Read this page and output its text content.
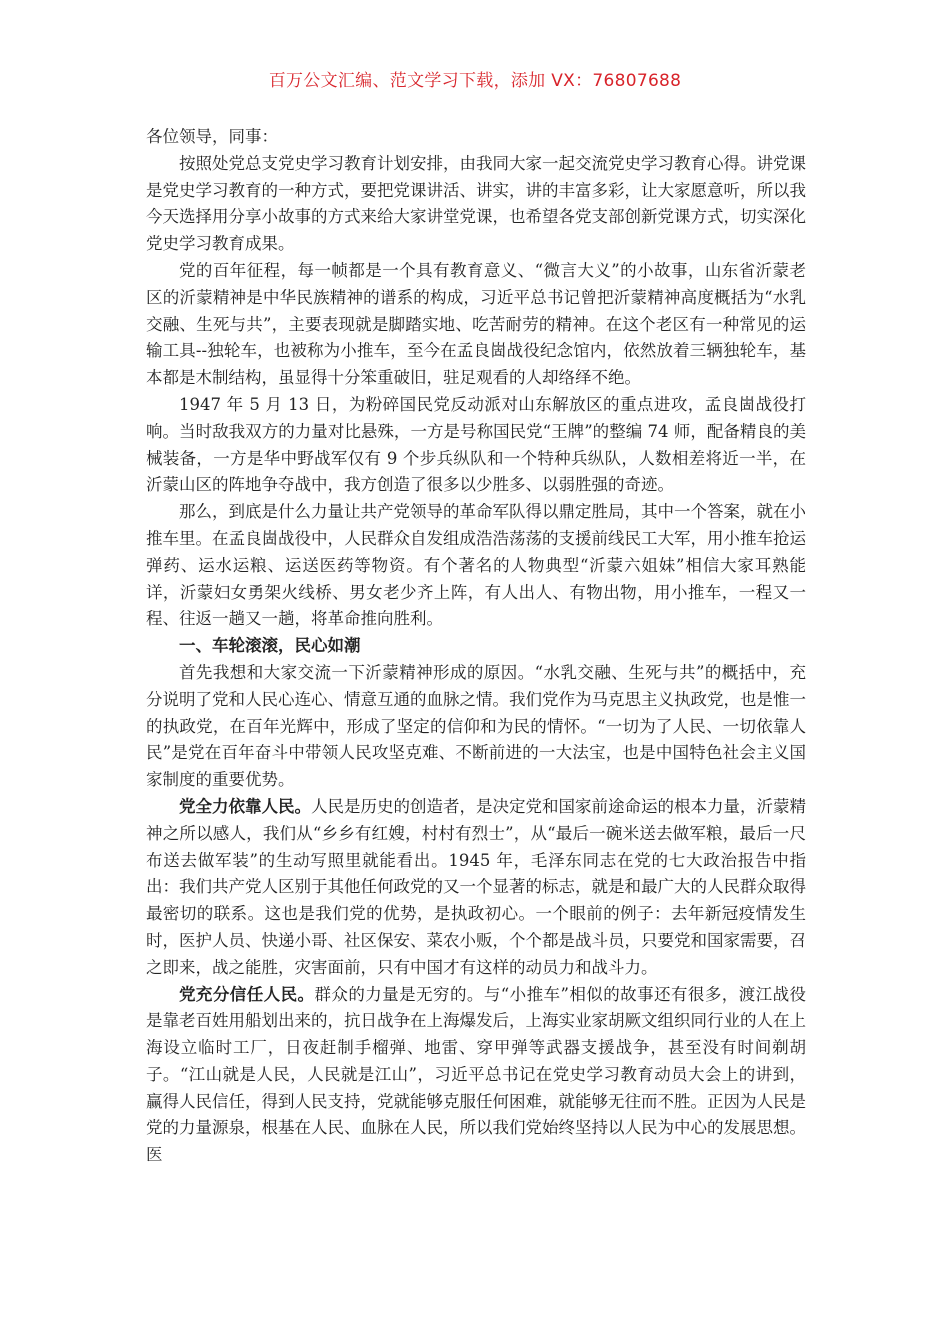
百万公文汇编、范文学习下载，添加 VX：76807688

各位领导，同事：

按照处党总支党史学习教育计划安排，由我同大家一起交流党史学习教育心得。讲党课是党史学习教育的一种方式，要把党课讲活、讲实，讲的丰富多彩，让大家愿意听，所以我今天选择用分享小故事的方式来给大家讲堂党课，也希望各党支部创新党课方式，切实深化党史学习教育成果。

党的百年征程，每一帧都是一个具有教育意义、“微言大义”的小故事，山东省沂蒙老区的沂蒙精神是中华民族精神的谱系的构成，习近平总书记曾把沂蒙精神高度概括为“水乳交融、生死与共”，主要表现就是脚踏实地、吃苦耐劳的精神。在这个老区有一种常见的运输工具--独轮车，也被称为小推车，至今在孟良崮战役纪念馆内，依然放着三辆独轮车，基本都是木制结构，虽显得十分笨重破旧，驻足观看的人却络绎不绝。

1947 年 5 月 13 日，为粉碎国民党反动派对山东解放区的重点进攻，孟良崮战役打响。当时敌我双方的力量对比悬殊，一方是号称国民党“王牌”的整编 74 师，配备精良的美械装备，一方是华中野战军仅有 9 个步兵纵队和一个特种兵纵队，人数相差将近一半，在沂蒙山区的阵地争夺战中，我方创造了很多以少胜多、以弱胜强的奇迹。

那么，到底是什么力量让共产党领导的革命军队得以鼎定胜局，其中一个答案，就在小推车里。在孟良崮战役中，人民群众自发组成浩浩荡荡的支援前线民工大军，用小推车抢运弹药、运水运粮、运送医药等物资。有个著名的人物典型“沂蒙六姐妹”相信大家耳熟能详，沂蒙妇女勇架火线桥、男女老少齐上阵，有人出人、有物出物，用小推车，一程又一程、往返一趟又一趟，将革命推向胜利。

一、车轮滚滚，民心如潮

首先我想和大家交流一下沂蒙精神形成的原因。“水乳交融、生死与共”的概括中，充分说明了党和人民心连心、情意互通的血脉之情。我们党作为马克思主义执政党，也是惟一的执政党，在百年光辉中，形成了坚定的信仰和为民的情怀。“一切为了人民、一切依靠人民”是党在百年奋斗中带领人民攻坚克难、不断前进的一大法宝，也是中国特色社会主义国家制度的重要优势。

党全力依靠人民。人民是历史的创造者，是决定党和国家前途命运的根本力量，沂蒙精神之所以感人，我们从“乡乡有红嫂，村村有烈士”，从“最后一碗米送去做军粮，最后一尺布送去做军装”的生动写照里就能看出。1945 年，毛泽东同志在党的七大政治报告中指出：我们共产党人区别于其他任何政党的又一个显著的标志，就是和最广大的人民群众取得最密切的联系。这也是我们党的优势，是执政初心。一个眼前的例子：去年新冠疫情发生时，医护人员、快递小哥、社区保安、菜农小贩，个个都是战斗员，只要党和国家需要，召之即来，战之能胜，灾害面前，只有中国才有这样的动员力和战斗力。

党充分信任人民。群众的力量是无穷的。与“小推车”相似的故事还有很多，渡江战役是靠老百姓用船划出来的，抗日战争在上海爆发后，上海实业家胡厥文组织同行业的人在上海设立临时工厂，日夜赶制手榴弹、地雷、穿甲弹等武器支援战争，甚至没有时间剃胡子。“江山就是人民，人民就是江山”，习近平总书记在党史学习教育动员大会上的讲到，赢得人民信任，得到人民支持，党就能够克服任何困难，就能够无往而不胜。正因为人民是党的力量源泉，根基在人民、血脉在人民，所以我们党始终坚持以人民为中心的发展思想。医
